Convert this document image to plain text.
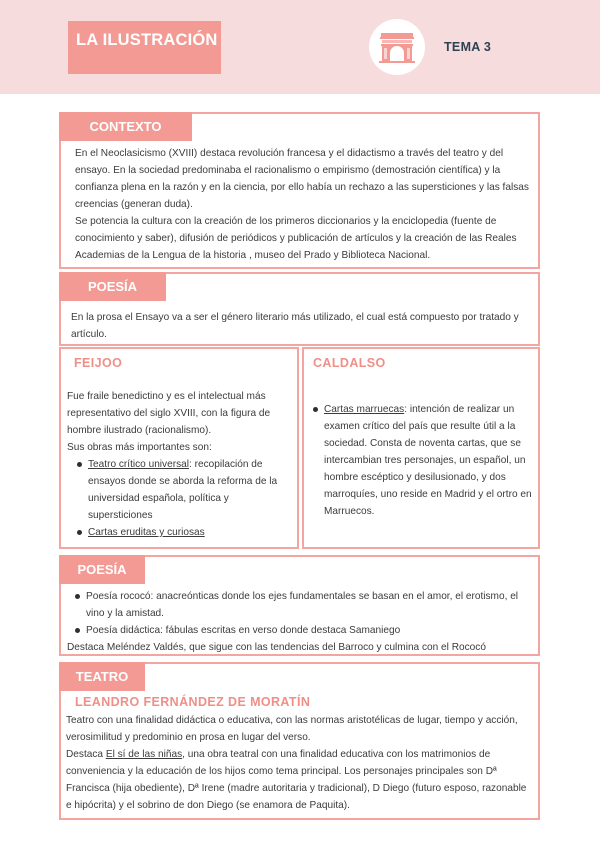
LA ILUSTRACIÓN	TEMA 3
CONTEXTO

En el Neoclasicismo (XVIII) destaca revolución francesa y el didactismo a través del teatro y del ensayo. En la sociedad predominaba el racionalismo o empirismo (demostración científica) y la confianza plena en la razón y en la ciencia, por ello había un rechazo a las supersticiones y las falsas creencias (generan duda).

Se potencia la cultura con la creación de los primeros diccionarios y la enciclopedia (fuente de conocimiento y saber), difusión de periódicos y publicación de artículos y la creación de las Reales Academias de la Lengua de la historia , museo del Prado y Biblioteca Nacional.

POESÍA
En la prosa el Ensayo va a ser el género literario más utilizado, el cual está compuesto por tratado y artículo.
FEIJOO

Fue fraile benedictino y es el intelectual más representativo del siglo XVIII, con la figura de hombre ilustrado (racionalismo).

Sus obras más importantes son:

Teatro crítico universal: recopilación de ensayos donde se aborda la reforma de la universidad española, política y supersticiones
Cartas eruditas y curiosas
CALDALSO
Cartas marruecas: intención de realizar un examen crítico del país que resulte útil a la sociedad. Consta de noventa cartas, que se intercambian tres personajes, un español, un hombre escéptico y desilusionado, y dos marroquíes, uno reside en Madrid y el ortro en Marruecos.
POESÍA
Poesía rococó: anacreónticas donde los ejes fundamentales se basan en el amor, el erotismo, el vino y la amistad.
Poesía didáctica: fábulas escritas en verso donde destaca Samaniego

Destaca Meléndez Valdés, que sigue con las tendencias del Barroco y culmina con el Rococó

TEATRO
LEANDRO FERNÁNDEZ DE MORATÍN

Teatro con una finalidad didáctica o educativa, con las normas aristotélicas de lugar, tiempo y acción, verosimilitud y predominio en prosa en lugar del verso.

Destaca El sí de las niñas, una obra teatral con una finalidad educativa con los matrimonios de conveniencia y la educación de los hijos como tema principal. Los personajes principales son Dª Francisca (hija obediente), Dª Irene (madre autoritaria y tradicional), D Diego (futuro esposo, razonable e hipócrita) y el sobrino de don Diego (se enamora de Paquita).
